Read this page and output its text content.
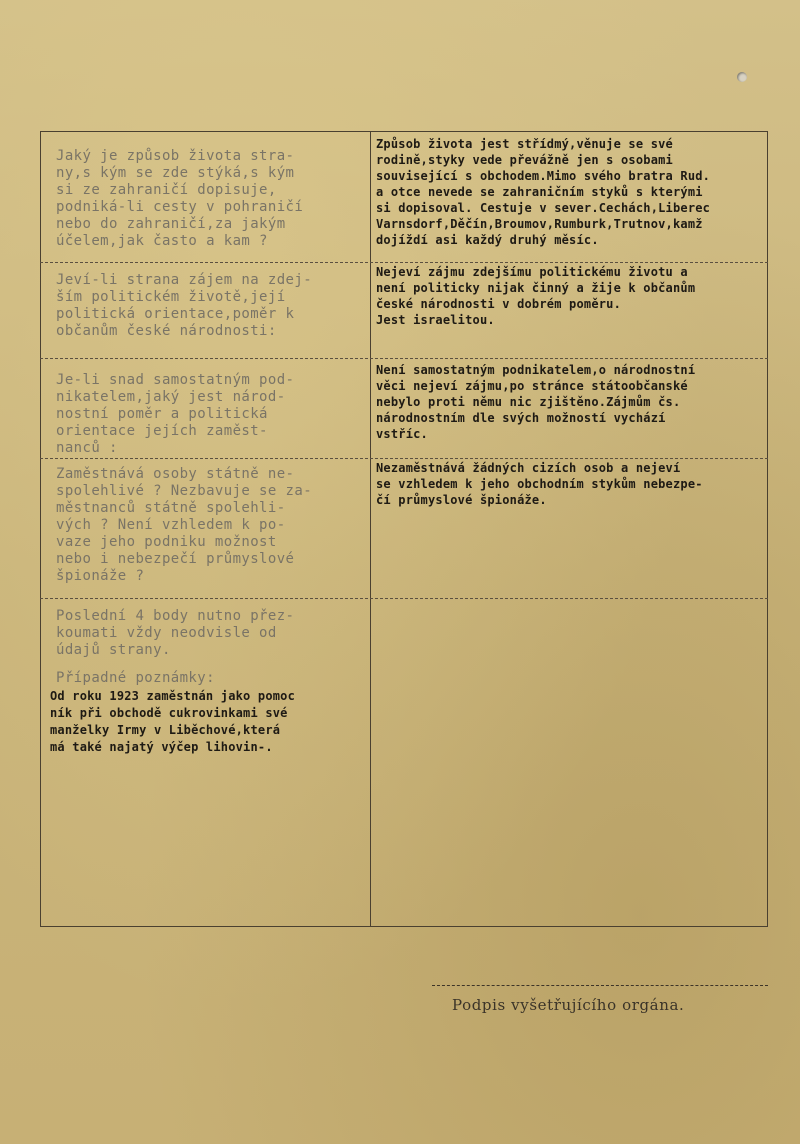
Jaký je způsob života stra-
ny,s kým se zde stýká,s kým
si ze zahraničí dopisuje,
podniká-li cesty v pohraničí
nebo do zahraničí,za jakým
účelem,jak často a kam ?
Způsob života jest střídmý,věnuje se své
rodině,styky vede převážně jen s osobami
související s obchodem.Mimo svého bratra Rud.
a otce nevede se zahraničním styků s kterými
si dopisoval. Cestuje v sever.Cechách,Liberec
Varnsdorf,Děčín,Broumov,Rumburk,Trutnov,kamž
dojíždí asi každý druhý měsíc.
Jeví-li strana zájem na zdej-
ším politickém životě,její
politická orientace,poměr k
občanům české národnosti:
Nejeví zájmu zdejšímu politickému životu a
není politicky nijak činný a žije k občanům
české národnosti v dobrém poměru.
Jest israelitou.
Je-li snad samostatným pod-
nikatelem,jaký jest národ-
nostní poměr a politická
orientace jejích zaměst-
nanců :
Není samostatným podnikatelem,o národnostní
věci nejeví zájmu,po stránce státoobčanské
nebylo proti němu nic zjištěno.Zájmům čs.
národnostním dle svých možností vychází
vstříc.
Zaměstnává osoby státně ne-
spolehlivé ? Nezbavuje se za-
městnanců státně spolehli-
vých ? Není vzhledem k po-
vaze jeho podniku možnost
nebo i nebezpečí průmyslové
špionáže ?
Nezaměstnává žádných cizích osob a nejeví
se vzhledem k jeho obchodním stykům nebezpe-
čí průmyslové špionáže.
Poslední 4 body nutno přez-
koumati vždy neodvisle od
údajů strany.
Případné poznámky:
Od roku 1923 zaměstnán jako pomoc
ník při obchodě cukrovinkami své
manželky Irmy v Liběchové,která
má také najatý výčep lihovin-.
Podpis vyšetřujícího orgána.
